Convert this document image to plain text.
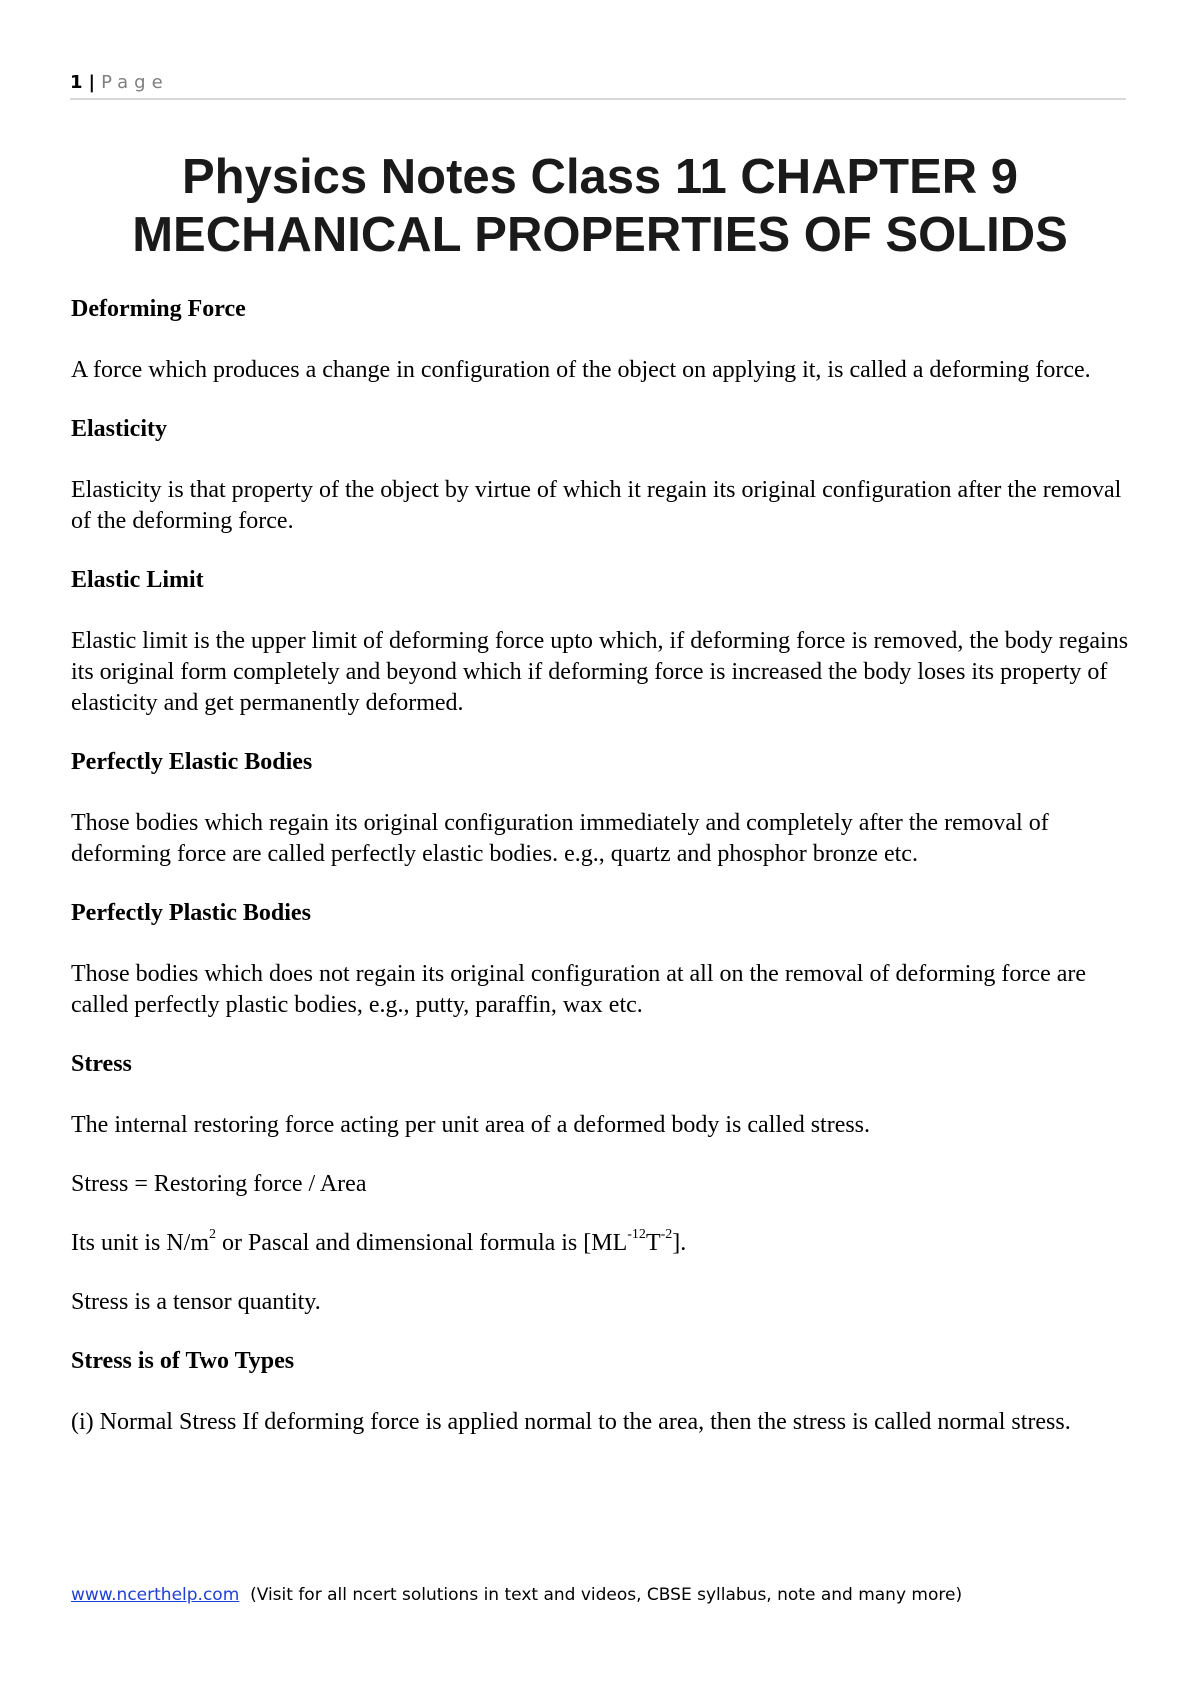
1 | Page
Physics Notes Class 11 CHAPTER 9
MECHANICAL PROPERTIES OF SOLIDS
Deforming Force

A force which produces a change in configuration of the object on applying it, is called a deforming force.

Elasticity

Elasticity is that property of the object by virtue of which it regain its original configuration after the removal of the deforming force.

Elastic Limit

Elastic limit is the upper limit of deforming force upto which, if deforming force is removed, the body regains its original form completely and beyond which if deforming force is increased the body loses its property of elasticity and get permanently deformed.

Perfectly Elastic Bodies

Those bodies which regain its original configuration immediately and completely after the removal of deforming force are called perfectly elastic bodies. e.g., quartz and phosphor bronze etc.

Perfectly Plastic Bodies

Those bodies which does not regain its original configuration at all on the removal of deforming force are called perfectly plastic bodies, e.g., putty, paraffin, wax etc.

Stress

The internal restoring force acting per unit area of a deformed body is called stress.

Stress = Restoring force / Area

Its unit is $N/m^2$ or Pascal and dimensional formula is $[ML^{-12}T^{-2}]$.

Stress is a tensor quantity.

Stress is of Two Types

(i) Normal Stress If deforming force is applied normal to the area, then the stress is called normal stress.

www.ncerthelp.com (Visit for all ncert solutions in text and videos, CBSE syllabus, note and many more)
